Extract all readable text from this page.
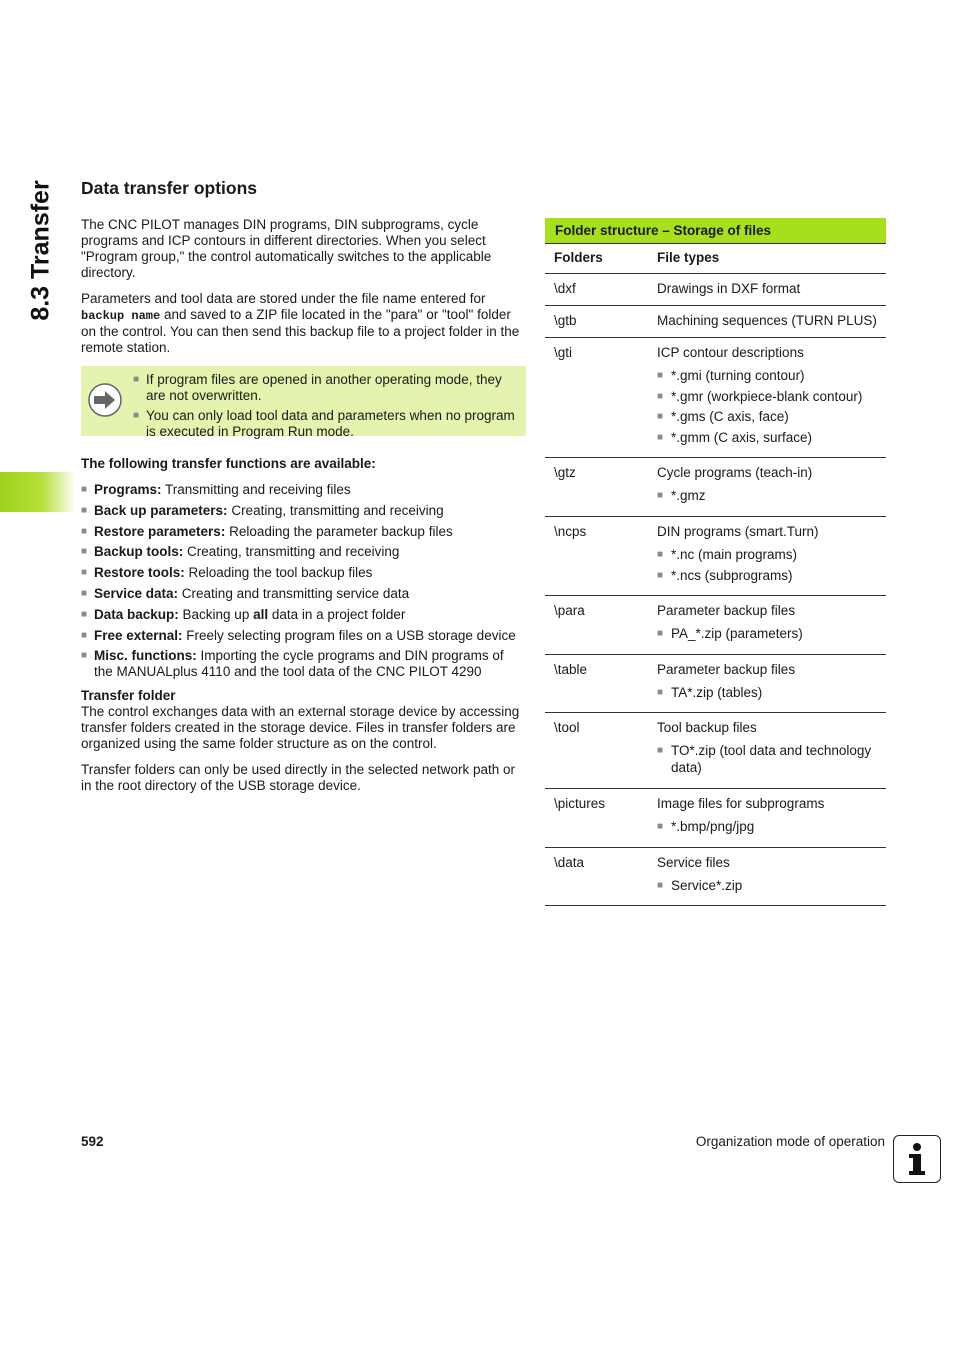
8.3 Transfer Data transfer options
The CNC PILOT manages DIN programs, DIN subprograms, cycle programs and ICP contours in different directories. When you select "Program group," the control automatically switches to the applicable directory.
Parameters and tool data are stored under the file name entered for backup name and saved to a ZIP file located in the "para" or "tool" folder on the control. You can then send this backup file to a project folder in the remote station.
■ If program files are opened in another operating mode, they are not overwritten.
■ You can only load tool data and parameters when no program is executed in Program Run mode.
The following transfer functions are available:
■ Programs: Transmitting and receiving files
■ Back up parameters: Creating, transmitting and receiving
■ Restore parameters: Reloading the parameter backup files
■ Backup tools: Creating, transmitting and receiving
■ Restore tools: Reloading the tool backup files
■ Service data: Creating and transmitting service data
■ Data backup: Backing up all data in a project folder
■ Free external: Freely selecting program files on a USB storage device
■ Misc. functions: Importing the cycle programs and DIN programs of the MANUALplus 4110 and the tool data of the CNC PILOT 4290
Transfer folder
The control exchanges data with an external storage device by accessing transfer folders created in the storage device. Files in transfer folders are organized using the same folder structure as on the control.
Transfer folders can only be used directly in the selected network path or in the root directory of the USB storage device.
Folder structure – Storage of files
Folders	File types
\dxf	Drawings in DXF format
\gtb	Machining sequences (TURN PLUS)
\gti	ICP contour descriptions
■ *.gmi (turning contour)
■ *.gmr (workpiece-blank contour)
■ *.gms (C axis, face)
■ *.gmm (C axis, surface)
\gtz	Cycle programs (teach-in)
■ *.gmz
\ncps	DIN programs (smart.Turn)
■ *.nc (main programs)
■ *.ncs (subprograms)
\para	Parameter backup files
■ PA_*.zip (parameters)
\table	Parameter backup files
■ TA*.zip (tables)
\tool	Tool backup files
■ TO*.zip (tool data and technology data)
\pictures	Image files for subprograms
■ *.bmp/png/jpg
\data	Service files
■ Service*.zip
592	Organization mode of operation
